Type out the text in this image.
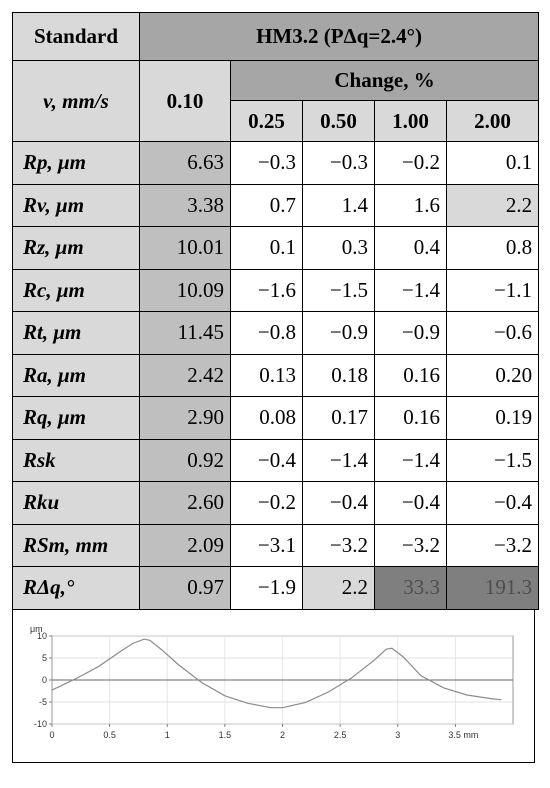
Standard	HM3.2 (PΔq=2.4°)				
v, mm/s	0.10	Change, %			
		0.25	0.50	1.00	2.00
Rp, μm	6.63	−0.3	−0.3	−0.2	0.1
Rv, μm	3.38	0.7	1.4	1.6	2.2
Rz, μm	10.01	0.1	0.3	0.4	0.8
Rc, μm	10.09	−1.6	−1.5	−1.4	−1.1
Rt, μm	11.45	−0.8	−0.9	−0.9	−0.6
Ra, μm	2.42	0.13	0.18	0.16	0.20
Rq, μm	2.90	0.08	0.17	0.16	0.19
Rsk	0.92	−0.4	−1.4	−1.4	−1.5
Rku	2.60	−0.2	−0.4	−0.4	−0.4
RSm, mm	2.09	−3.1	−3.2	−3.2	−3.2
RΔq,°	0.97	−1.9	2.2	33.3	191.3
10
5
0
-5
-10
μm
0	0.5	1	1.5	2	2.5	3	3.5 mm
